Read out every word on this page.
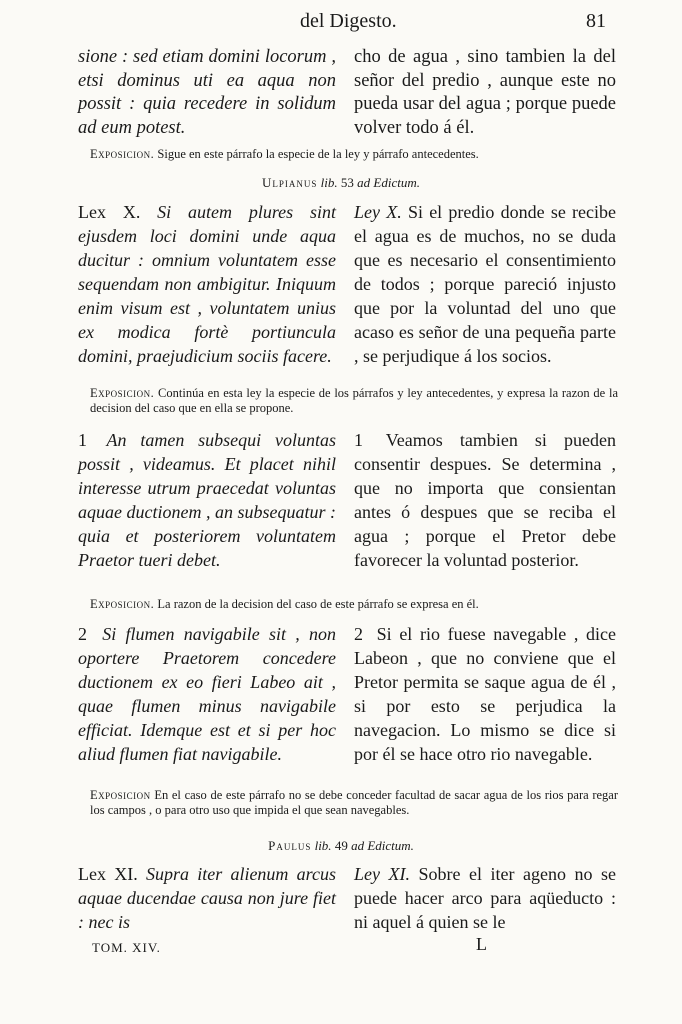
del Digesto.	81

sione : sed etiam domini locorum , etsi dominus uti ea aqua non possit : quia recedere in solidum ad eum potest.

cho de agua , sino tambien la del señor del predio , aunque este no pueda usar del agua ; porque puede volver todo á él.

Exposicion. Sigue en este párrafo la especie de la ley y párrafo antecedentes.
Ulpianus lib. 53 ad Edictum.

Lex X. Si autem plures sint ejusdem loci domini unde aqua ducitur : omnium voluntatem esse sequendam non ambigitur. Iniquum enim visum est , voluntatem unius ex modica fortè portiuncula domini, praejudicium sociis facere.

Ley X. Si el predio donde se recibe el agua es de muchos, no se duda que es necesario el consentimiento de todos ; porque pareció injusto que por la voluntad del uno que acaso es señor de una pequeña parte , se perjudique á los socios.

Exposicion. Continúa en esta ley la especie de los párrafos y ley antecedentes, y expresa la razon de la decision del caso que en ella se propone.

1 An tamen subsequi voluntas possit , videamus. Et placet nihil interesse utrum praecedat voluntas aquae ductionem , an subsequatur : quia et posteriorem voluntatem Praetor tueri debet.

1 Veamos tambien si pueden consentir despues. Se determina , que no importa que consientan antes ó despues que se reciba el agua ; porque el Pretor debe favorecer la voluntad posterior.

Exposicion. La razon de la decision del caso de este párrafo se expresa en él.

2 Si flumen navigabile sit , non oportere Praetorem concedere ductionem ex eo fieri Labeo ait , quae flumen minus navigabile efficiat. Idemque est et si per hoc aliud flumen fiat navigabile.

2 Si el rio fuese navegable , dice Labeon , que no conviene que el Pretor permita se saque agua de él , si por esto se perjudica la navegacion. Lo mismo se dice si por él se hace otro rio navegable.

Exposicion En el caso de este párrafo no se debe conceder facultad de sacar agua de los rios para regar los campos , o para otro uso que impida el que sean navegables.
Paulus lib. 49 ad Edictum.

Lex XI. Supra iter alienum arcus aquae ducendae causa non jure fiet : nec is

Ley XI. Sobre el iter ageno no se puede hacer arco para aqüeducto : ni aquel á quien se le

TOM. XIV.	L
